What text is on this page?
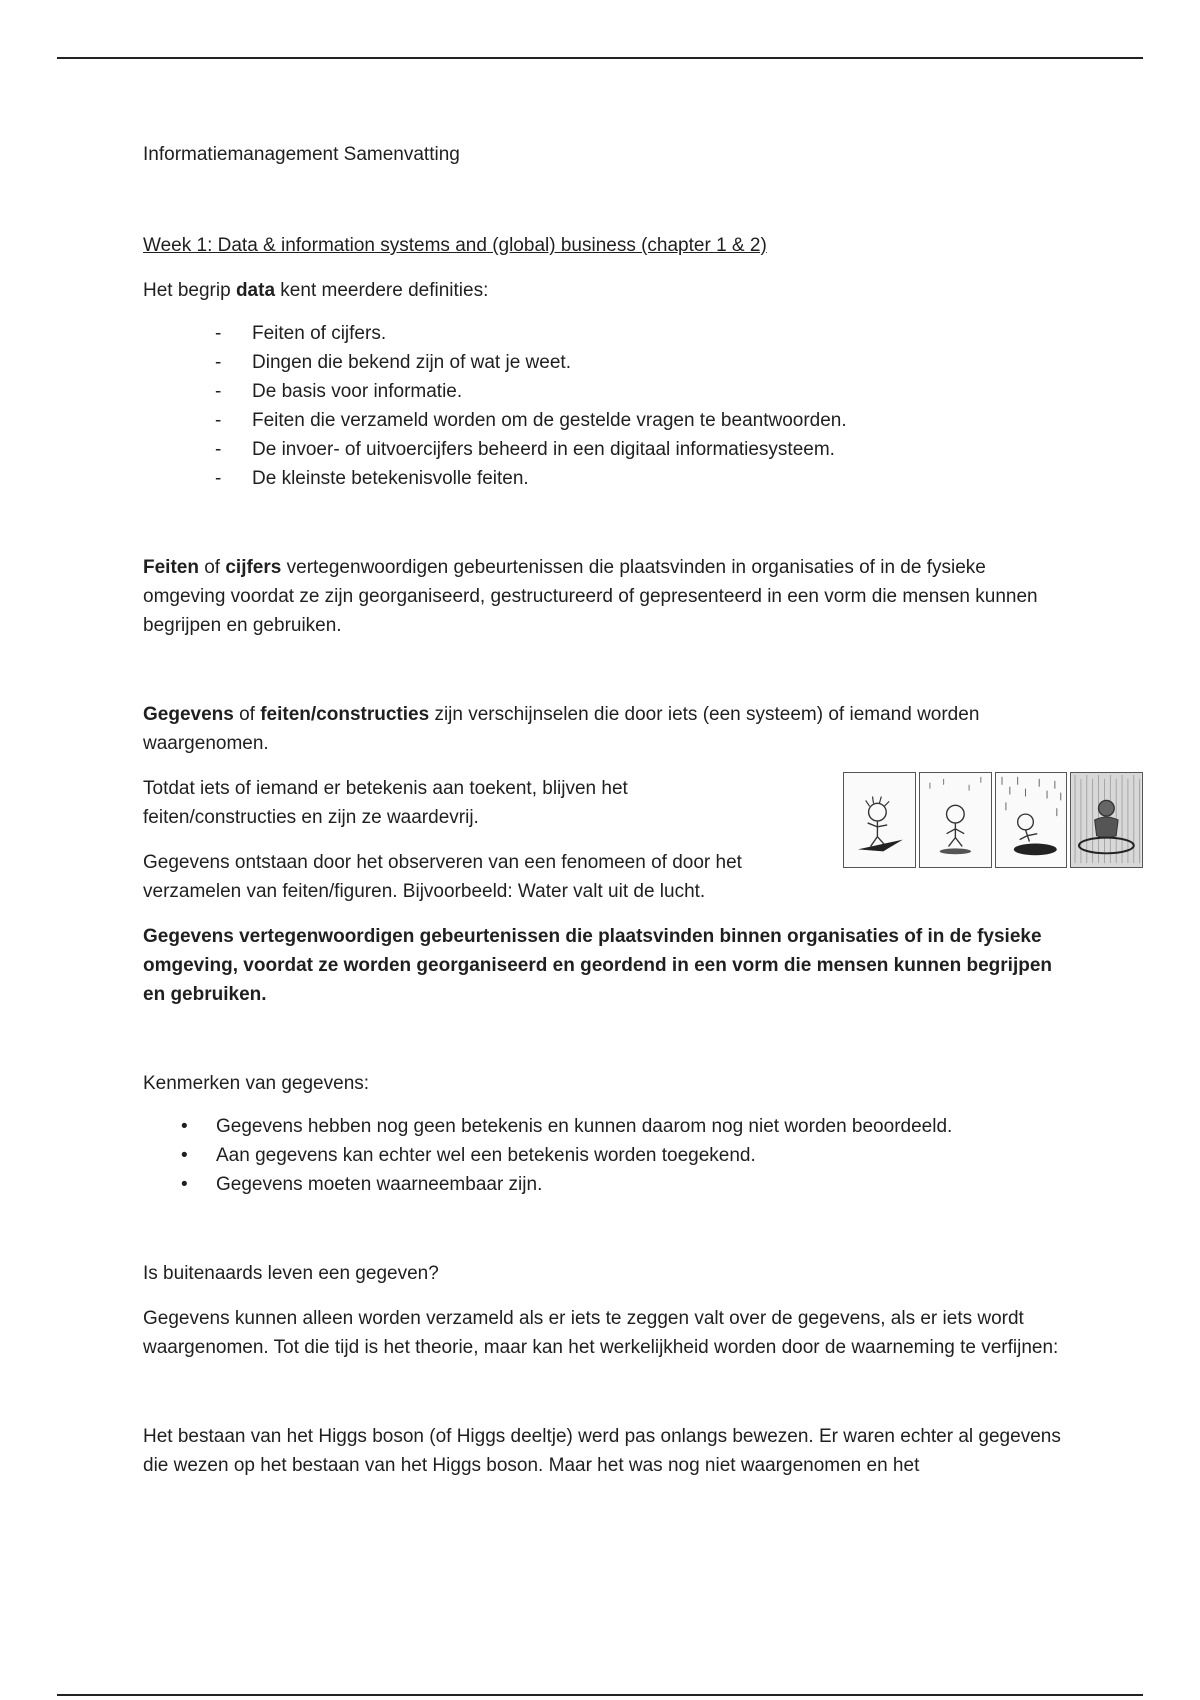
Informatiemanagement Samenvatting

Week 1: Data & information systems and (global) business (chapter 1 & 2)

Het begrip data kent meerdere definities:

- Feiten of cijfers.
- Dingen die bekend zijn of wat je weet.
- De basis voor informatie.
- Feiten die verzameld worden om de gestelde vragen te beantwoorden.
- De invoer- of uitvoercijfers beheerd in een digitaal informatiesysteem.
- De kleinste betekenisvolle feiten.

Feiten of cijfers vertegenwoordigen gebeurtenissen die plaatsvinden in organisaties of in de fysieke omgeving voordat ze zijn georganiseerd, gestructureerd of gepresenteerd in een vorm die mensen kunnen begrijpen en gebruiken.

Gegevens of feiten/constructies zijn verschijnselen die door iets (een systeem) of iemand worden waargenomen.

Totdat iets of iemand er betekenis aan toekent, blijven het feiten/constructies en zijn ze waardevrij.

Gegevens ontstaan door het observeren van een fenomeen of door het verzamelen van feiten/figuren. Bijvoorbeeld: Water valt uit de lucht.

Gegevens vertegenwoordigen gebeurtenissen die plaatsvinden binnen organisaties of in de fysieke omgeving, voordat ze worden georganiseerd en geordend in een vorm die mensen kunnen begrijpen en gebruiken.

Kenmerken van gegevens:

• Gegevens hebben nog geen betekenis en kunnen daarom nog niet worden beoordeeld.
• Aan gegevens kan echter wel een betekenis worden toegekend.
• Gegevens moeten waarneembaar zijn.

Is buitenaards leven een gegeven?

Gegevens kunnen alleen worden verzameld als er iets te zeggen valt over de gegevens, als er iets wordt waargenomen. Tot die tijd is het theorie, maar kan het werkelijkheid worden door de waarneming te verfijnen:

Het bestaan van het Higgs boson (of Higgs deeltje) werd pas onlangs bewezen. Er waren echter al gegevens die wezen op het bestaan van het Higgs boson. Maar het was nog niet waargenomen en het
